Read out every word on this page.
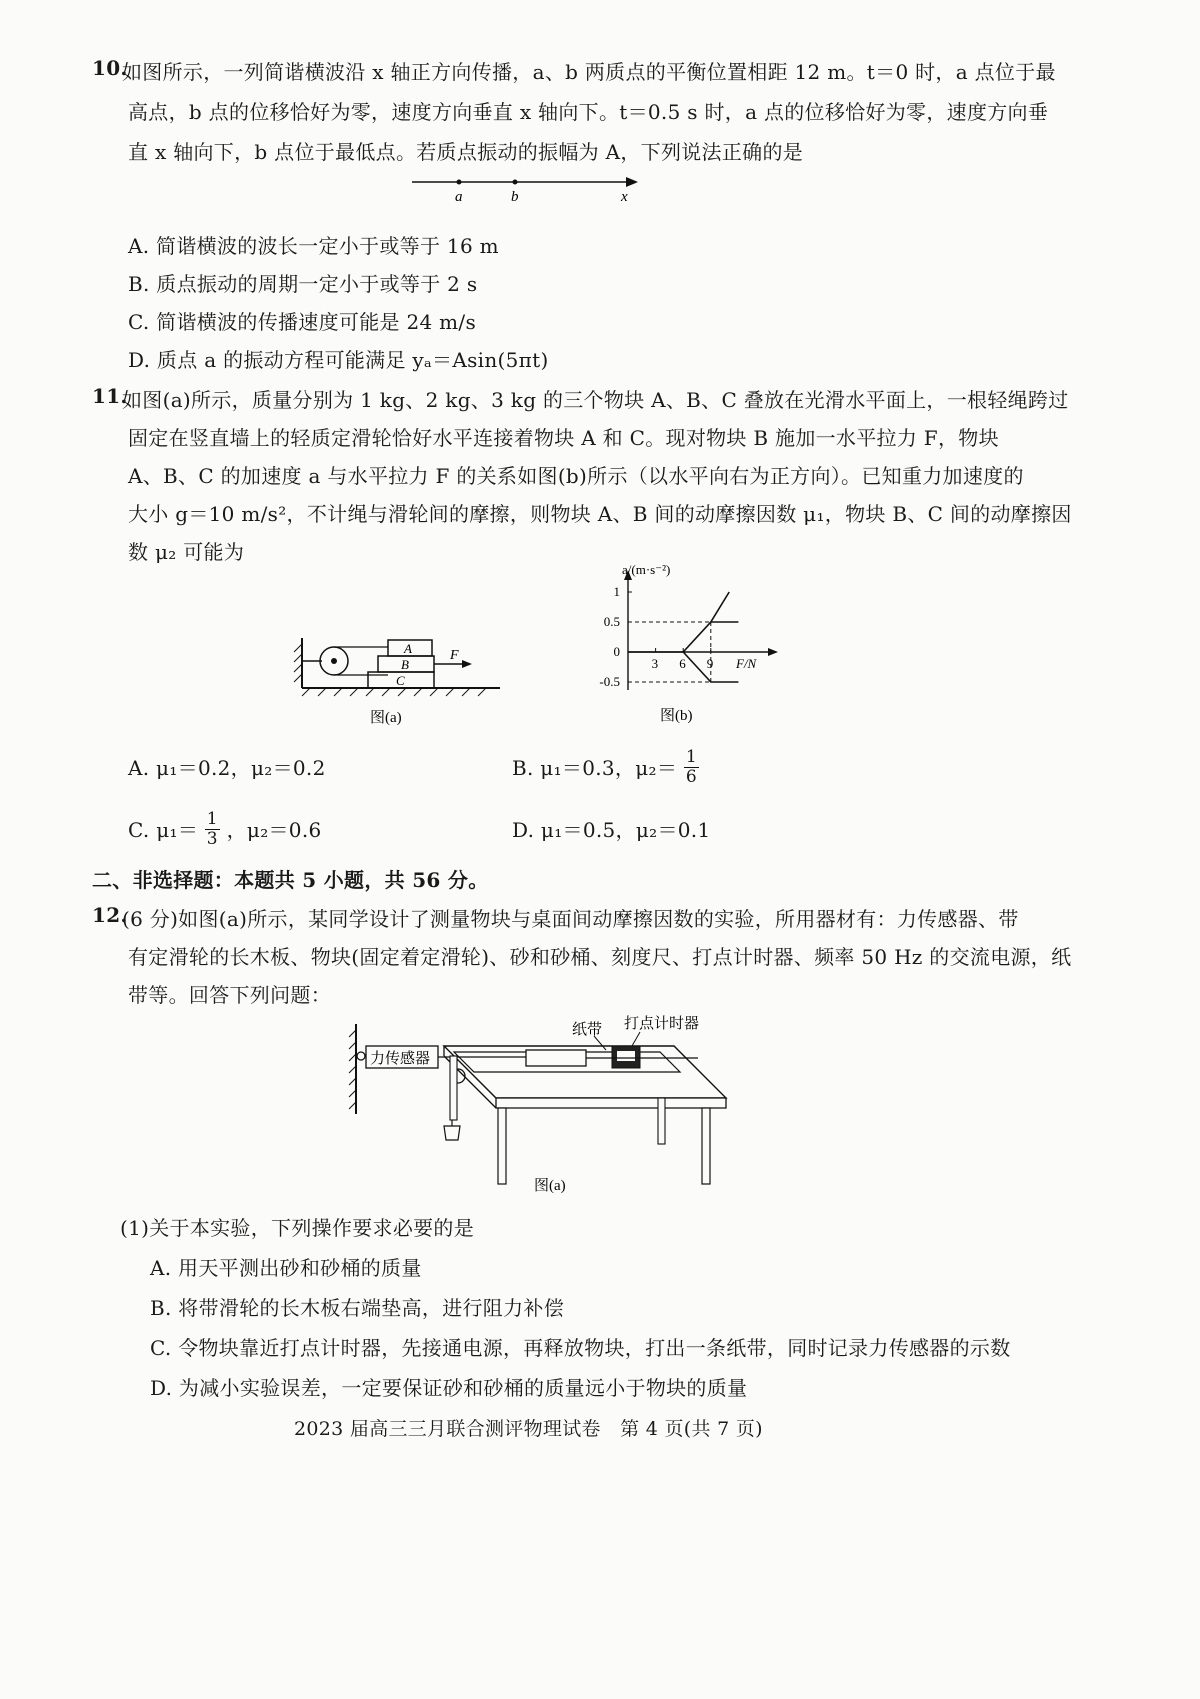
10.
如图所示，一列简谐横波沿 x 轴正方向传播，a、b 两质点的平衡位置相距 12 m。t＝0 时，a 点位于最
高点，b 点的位移恰好为零，速度方向垂直 x 轴向下。t＝0.5 s 时，a 点的位移恰好为零，速度方向垂
直 x 轴向下，b 点位于最低点。若质点振动的振幅为 A，下列说法正确的是
a	b	x
A. 简谐横波的波长一定小于或等于 16 m
B. 质点振动的周期一定小于或等于 2 s
C. 简谐横波的传播速度可能是 24 m/s
D. 质点 a 的振动方程可能满足 yₐ＝Asin(5πt)
11.
如图(a)所示，质量分别为 1 kg、2 kg、3 kg 的三个物块 A、B、C 叠放在光滑水平面上，一根轻绳跨过
固定在竖直墙上的轻质定滑轮恰好水平连接着物块 A 和 C。现对物块 B 施加一水平拉力 F，物块
A、B、C 的加速度 a 与水平拉力 F 的关系如图(b)所示（以水平向右为正方向）。已知重力加速度的
大小 g＝10 m/s²，不计绳与滑轮间的摩擦，则物块 A、B 间的动摩擦因数 μ₁，物块 B、C 间的动摩擦因
数 μ₂ 可能为
A
B
C
F
图(a)	图(b)
a/(m·s⁻²)
F/N
1
0.5
0
-0.5
3 6 9
A. μ₁＝0.2，μ₂＝0.2	B. μ₁＝0.3，$\mu_2= \frac{1}{6}$
C. $\mu_1= \frac{1}{3}$ ，μ₂＝0.6	D. μ₁＝0.5，μ₂＝0.1
二、非选择题：本题共 5 小题，共 56 分。
12.
(6 分)如图(a)所示，某同学设计了测量物块与桌面间动摩擦因数的实验，所用器材有：力传感器、带
有定滑轮的长木板、物块(固定着定滑轮)、砂和砂桶、刻度尺、打点计时器、频率 50 Hz 的交流电源，纸
带等。回答下列问题：
力传感器
纸带 打点计时器
图(a)
(1)关于本实验，下列操作要求必要的是
A. 用天平测出砂和砂桶的质量
B. 将带滑轮的长木板右端垫高，进行阻力补偿
C. 令物块靠近打点计时器，先接通电源，再释放物块，打出一条纸带，同时记录力传感器的示数
D. 为减小实验误差，一定要保证砂和砂桶的质量远小于物块的质量
2023 届高三三月联合测评物理试卷　第 4 页(共 7 页)
